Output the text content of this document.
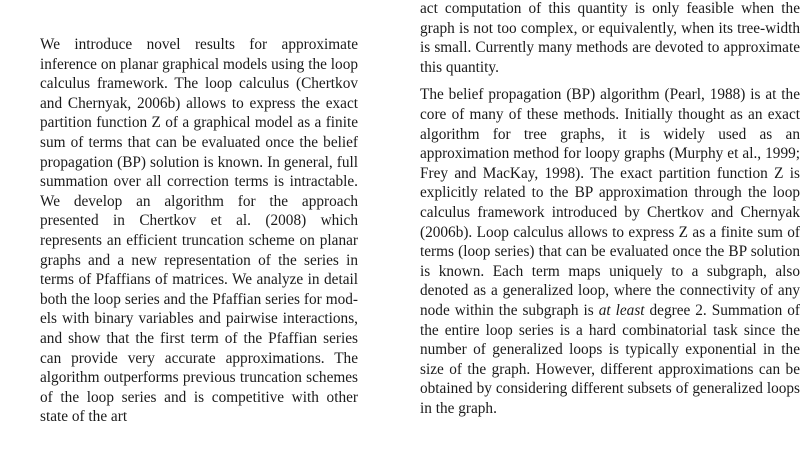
We introduce novel results for approximate inference on planar graphical models using the loop calculus framework. The loop calculus (Chertkov and Chernyak, 2006b) allows to express the exact partition function Z of a graphical model as a finite sum of terms that can be evaluated once the belief propagation (BP) solution is known. In general, full summation over all correction terms is intractable. We develop an algorithm for the approach presented in Chertkov et al. (2008) which represents an efficient truncation scheme on planar graphs and a new representation of the series in terms of Pfaffians of matrices. We analyze in detail both the loop series and the Pfaffian series for models with binary variables and pairwise interactions, and show that the first term of the Pfaffian series can provide very accurate approximations. The algorithm outperforms previous truncation schemes of the loop series and is competitive with other state of the art

act computation of this quantity is only feasible when the graph is not too complex, or equivalently, when its tree-width is small. Currently many methods are devoted to approximate this quantity.

The belief propagation (BP) algorithm (Pearl, 1988) is at the core of many of these methods. Initially thought as an exact algorithm for tree graphs, it is widely used as an approximation method for loopy graphs (Murphy et al., 1999; Frey and MacKay, 1998). The exact partition function Z is explicitly related to the BP approximation through the loop calculus framework introduced by Chertkov and Chernyak (2006b). Loop calculus allows to express Z as a finite sum of terms (loop series) that can be evaluated once the BP solution is known. Each term maps uniquely to a subgraph, also denoted as a generalized loop, where the connectivity of any node within the subgraph is at least degree 2. Summation of the entire loop series is a hard combinatorial task since the number of generalized loops is typically exponential in the size of the graph. However, different approximations can be obtained by considering different subsets of generalized loops in the graph.
